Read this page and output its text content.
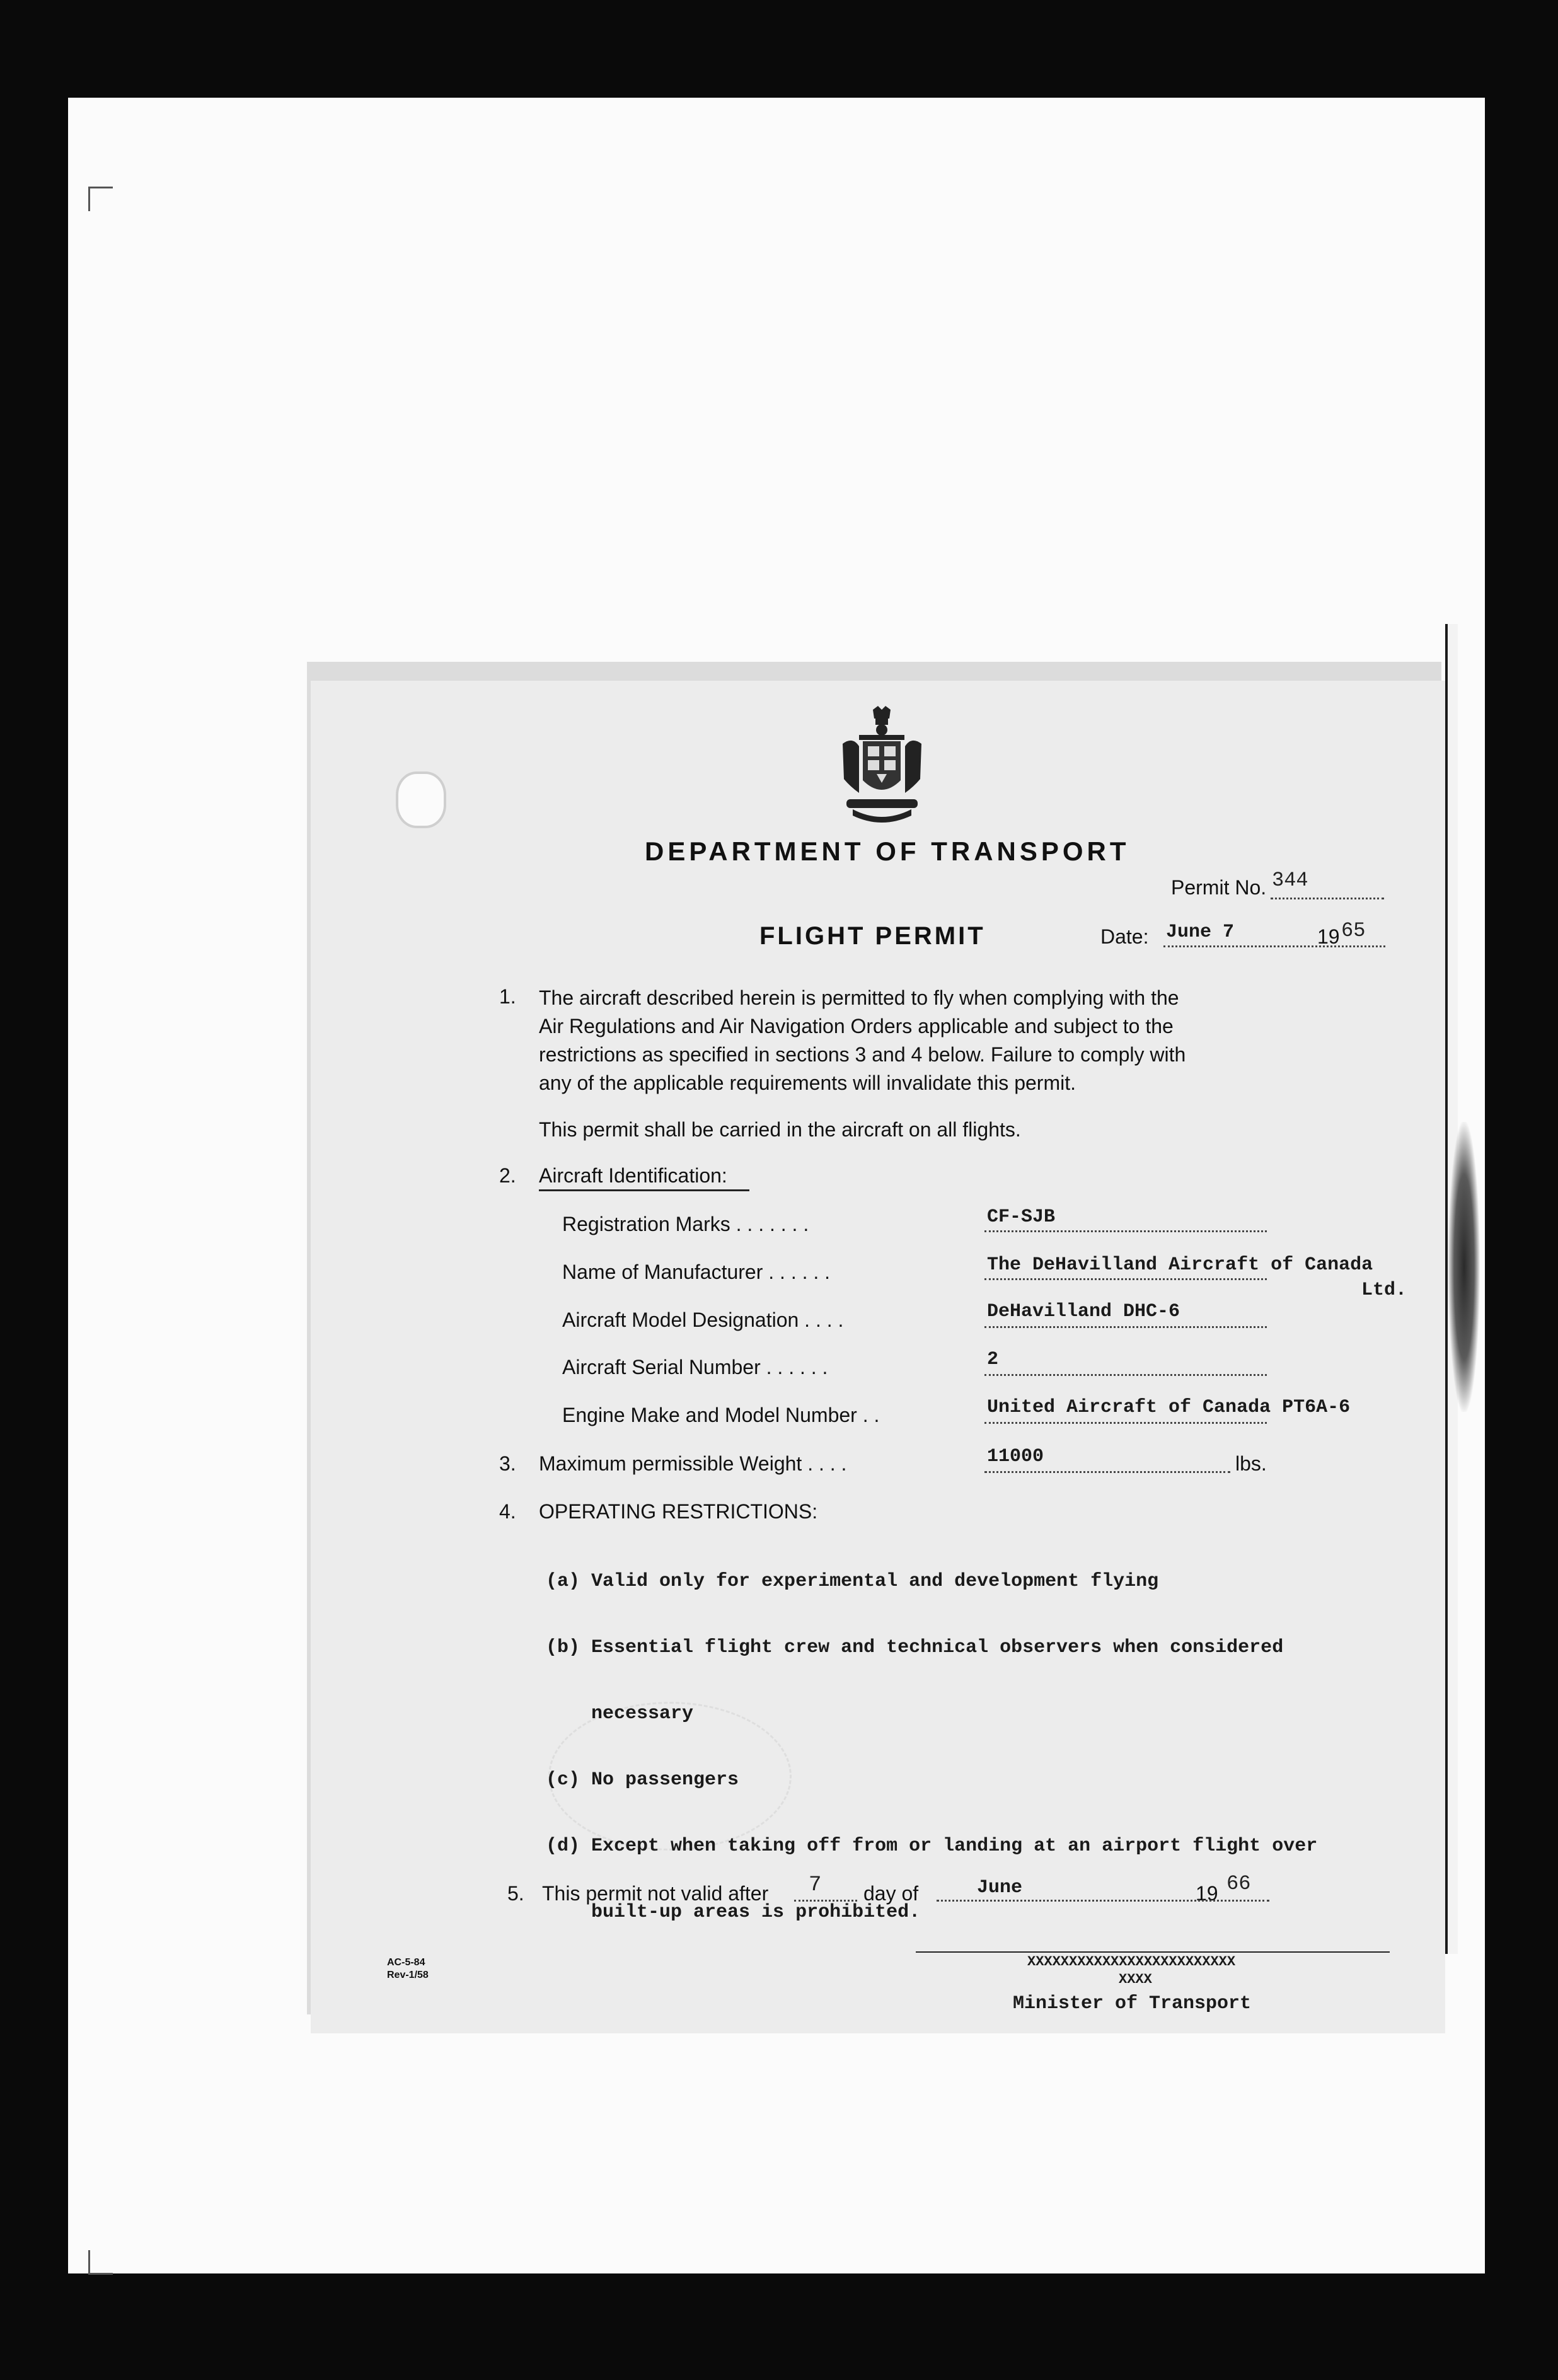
DEPARTMENT OF TRANSPORT
Permit No. 344
FLIGHT PERMIT	Date: June 7	19 65
1. The aircraft described herein is permitted to fly when complying with the
Air Regulations and Air Navigation Orders applicable and subject to the
restrictions as specified in sections 3 and 4 below. Failure to comply with
any of the applicable requirements will invalidate this permit.
This permit shall be carried in the aircraft on all flights.
2. Aircraft Identification:
Registration Marks . . . . . . .	CF-SJB
Name of Manufacturer . . . . . .	The DeHavilland Aircraft of Canada
Ltd.
Aircraft Model Designation . . . .	DeHavilland DHC-6
Aircraft Serial Number . . . . . .	2
Engine Make and Model Number . .	United Aircraft of Canada PT6A-6
3. Maximum permissible Weight . . . .	11000	lbs.
4. OPERATING RESTRICTIONS:

(a) Valid only for experimental and development flying

(b) Essential flight crew and technical observers when considered

necessary

(c) No passengers

(d) Except when taking off from or landing at an airport flight over

built-up areas is prohibited.

5. This permit not valid after 7 day of	June	19 66
XXXXXXXXXXXXXXXXXXXXXXXXX
XXXX
Minister of Transport
AC-5-84
Rev-1/58
